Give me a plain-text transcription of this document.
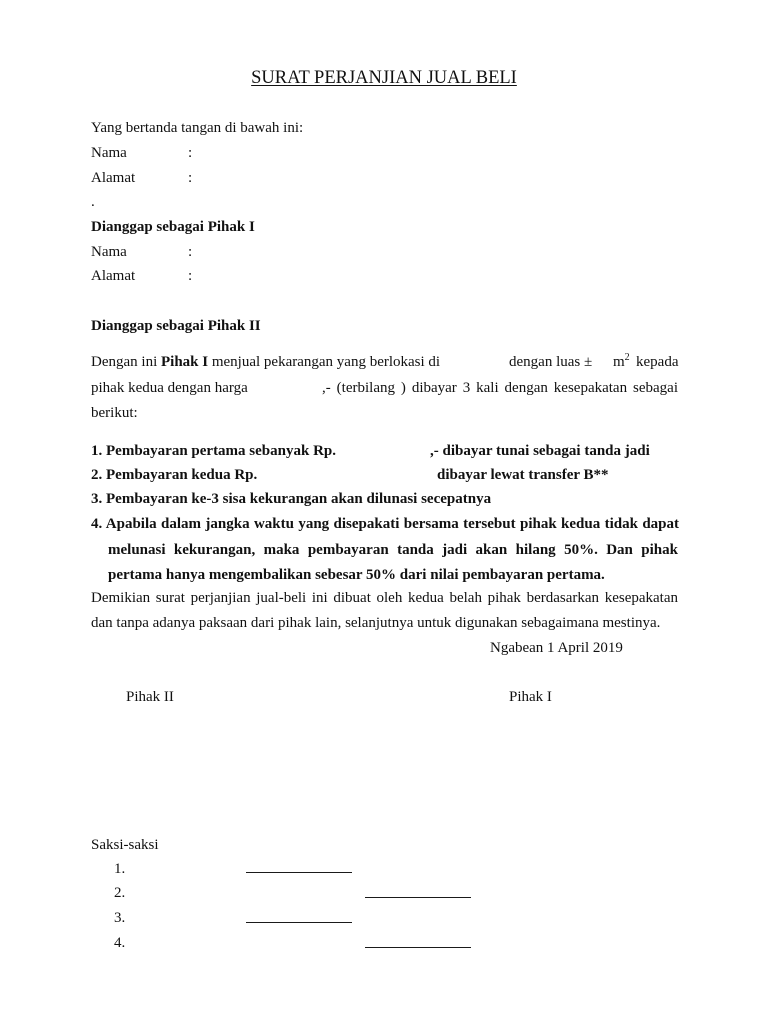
SURAT PERJANJIAN JUAL BELI
Yang bertanda tangan di bawah ini:
Nama	:
Alamat	:
.
Dianggap sebagai Pihak I
Nama	:
Alamat	:
Dianggap sebagai Pihak II
Dengan ini Pihak I menjual pekarangan yang berlokasi di	dengan luas ± $m^2$ kepada
pihak kedua dengan harga	,- (terbilang ) dibayar 3 kali dengan kesepakatan sebagai
berikut:
1. Pembayaran pertama sebanyak Rp.	,- dibayar tunai sebagai tanda jadi
2. Pembayaran kedua Rp.	dibayar lewat transfer B**
3. Pembayaran ke-3 sisa kekurangan akan dilunasi secepatnya
4. Apabila dalam jangka waktu yang disepakati bersama tersebut pihak kedua tidak dapat
melunasi kekurangan, maka pembayaran tanda jadi akan hilang 50%. Dan pihak
pertama hanya mengembalikan sebesar 50% dari nilai pembayaran pertama.
Demikian surat perjanjian jual-beli ini dibuat oleh kedua belah pihak berdasarkan kesepakatan
dan tanpa adanya paksaan dari pihak lain, selanjutnya untuk digunakan sebagaimana mestinya.
Ngabean 1 April 2019
Pihak II	Pihak I
Saksi-saksi
1.
2.
3.
4.
